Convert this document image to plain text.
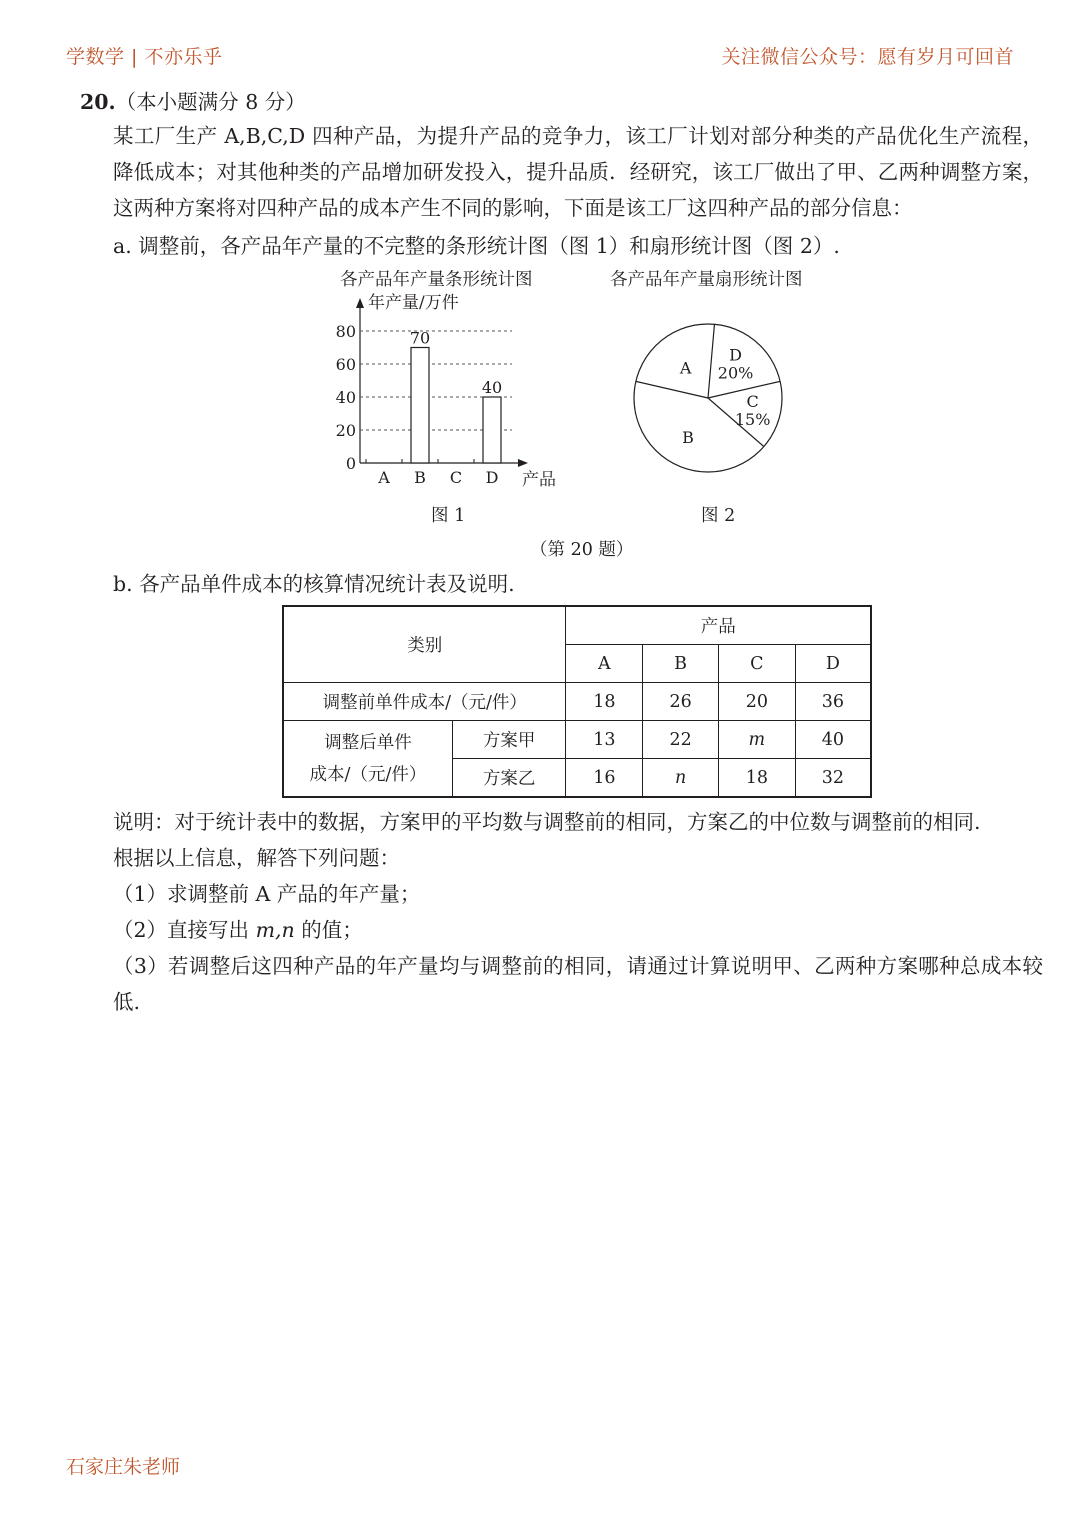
学数学 | 不亦乐乎	关注微信公众号：愿有岁月可回首
20.（本小题满分 8 分）
某工厂生产 A,B,C,D 四种产品，为提升产品的竞争力，该工厂计划对部分种类的产品优化生产流程，降低成本；对其他种类的产品增加研发投入，提升品质．经研究，该工厂做出了甲、乙两种调整方案，这两种方案将对四种产品的成本产生不同的影响，下面是该工厂这四种产品的部分信息：
a. 调整前，各产品年产量的不完整的条形统计图（图 1）和扇形统计图（图 2）.
各产品年产量条形统计图	各产品年产量扇形统计图
年产量/万件
0
20
40
60
80
A
70
B C
40
D 产品
A
B
C
15%
D
20%
图 1	图 2
（第 20 题）
b. 各产品单件成本的核算情况统计表及说明.
类别		产品			
		A	B	C	D
调整前单件成本/（元/件）		18	26	20	36

调整后单件
成本/（元/件）	方案甲	13	22	m	40
	方案乙	16	n	18	32
说明：对于统计表中的数据，方案甲的平均数与调整前的相同，方案乙的中位数与调整前的相同.
根据以上信息，解答下列问题：
（1）求调整前 A 产品的年产量；
（2）直接写出 m,n 的值；
（3）若调整后这四种产品的年产量均与调整前的相同，请通过计算说明甲、乙两种方案哪种总成本较低.
石家庄朱老师
